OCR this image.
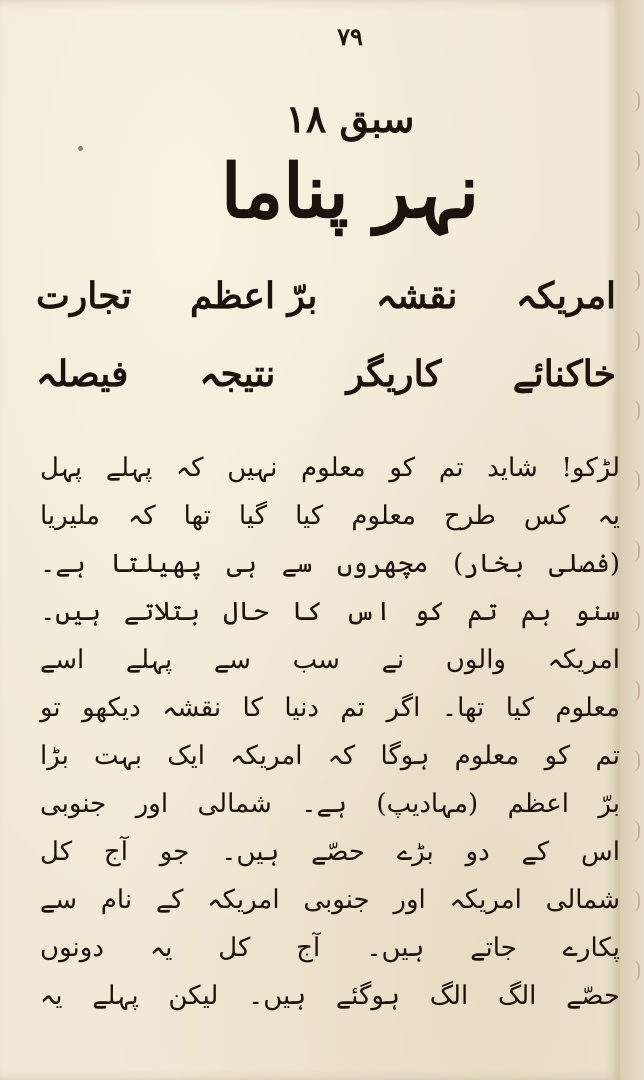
٧٩
سبق ۱۸
نہر پناما
امریکہ
نقشہ
برّ اعظم
تجارت
خاکنائے
کاریگر
نتیجہ
فیصلہ
لڑکو! شاید تم کو معلوم نہیں کہ پہلے پہل
یہ کس طرح معلوم کیا گیا تھا کہ ملیریا
(فصلی بخار) مچھروں سے ہی پھیلتا ہے۔
سنو ہم تم کو اس کا حال بتلاتے ہیں۔
امریکہ والوں نے سب سے پہلے اسے
معلوم کیا تھا۔ اگر تم دنیا کا نقشہ دیکھو تو
تم کو معلوم ہوگا کہ امریکہ ایک بہت بڑا
برّ اعظم (مہادیپ) ہے۔ شمالی اور جنوبی
اس کے دو بڑے حصّے ہیں۔ جو آج کل
شمالی امریکہ اور جنوبی امریکہ کے نام سے
پکارے جاتے ہیں۔ آج کل یہ دونوں
حصّے الگ الگ ہوگئے ہیں۔ لیکن پہلے یہ
